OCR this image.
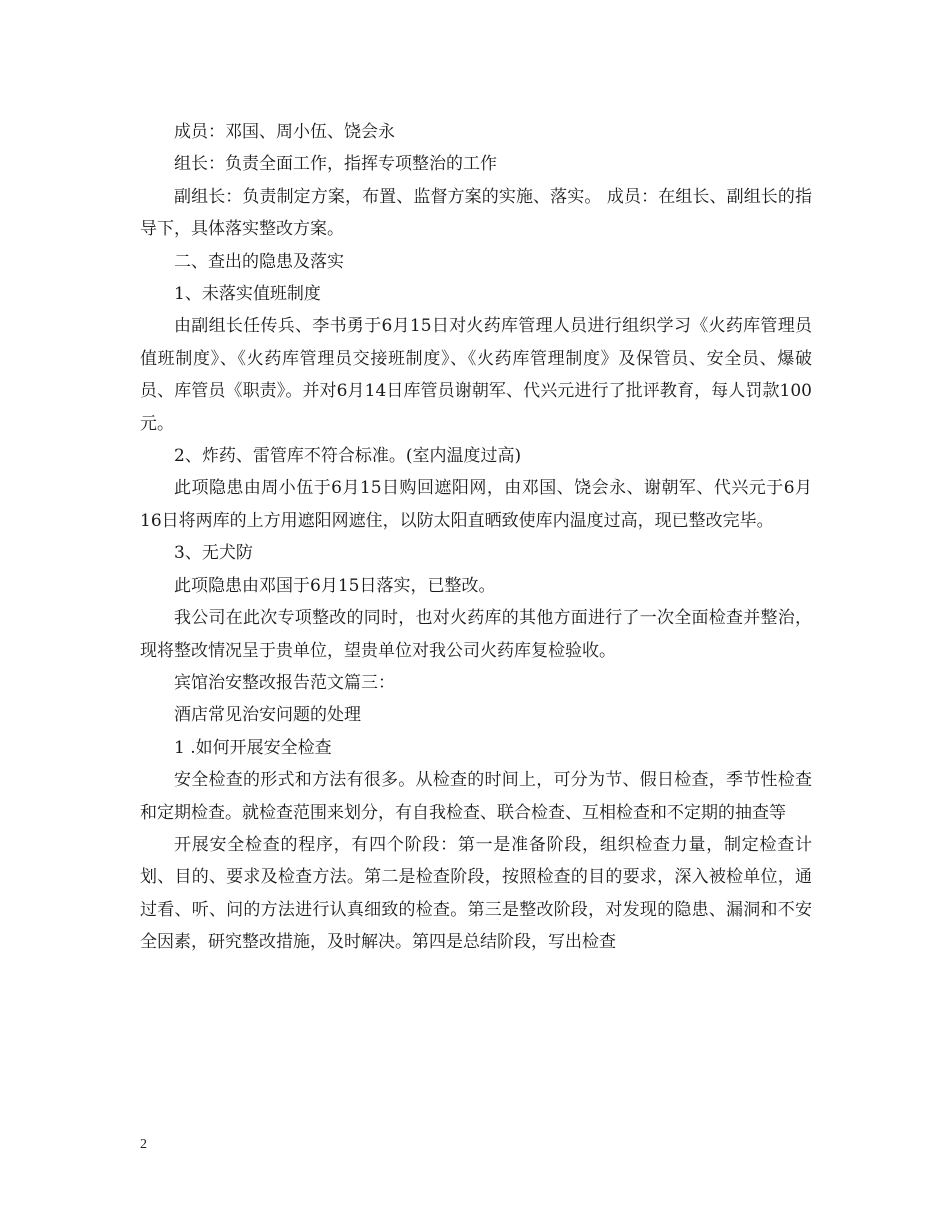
成员：邓国、周小伍、饶会永

组长：负责全面工作，指挥专项整治的工作

副组长：负责制定方案，布置、监督方案的实施、落实。 成员：在组长、副组长的指导下，具体落实整改方案。

二、查出的隐患及落实

1、未落实值班制度

由副组长任传兵、李书勇于6月15日对火药库管理人员进行组织学习《火药库管理员值班制度》、《火药库管理员交接班制度》、《火药库管理制度》及保管员、安全员、爆破员、库管员《职责》。并对6月14日库管员谢朝军、代兴元进行了批评教育，每人罚款100元。

2、炸药、雷管库不符合标准。(室内温度过高)

此项隐患由周小伍于6月15日购回遮阳网，由邓国、饶会永、谢朝军、代兴元于6月16日将两库的上方用遮阳网遮住，以防太阳直晒致使库内温度过高，现已整改完毕。

3、无犬防

此项隐患由邓国于6月15日落实，已整改。

我公司在此次专项整改的同时，也对火药库的其他方面进行了一次全面检查并整治，现将整改情况呈于贵单位，望贵单位对我公司火药库复检验收。

宾馆治安整改报告范文篇三：

酒店常见治安问题的处理

1 .如何开展安全检查

安全检查的形式和方法有很多。从检查的时间上，可分为节、假日检查，季节性检查和定期检查。就检查范围来划分，有自我检查、联合检查、互相检查和不定期的抽查等

开展安全检查的程序，有四个阶段：第一是准备阶段，组织检查力量，制定检查计划、目的、要求及检查方法。第二是检查阶段，按照检查的目的要求，深入被检单位，通过看、听、问的方法进行认真细致的检查。第三是整改阶段，对发现的隐患、漏洞和不安全因素，研究整改措施，及时解决。第四是总结阶段，写出检查

2
